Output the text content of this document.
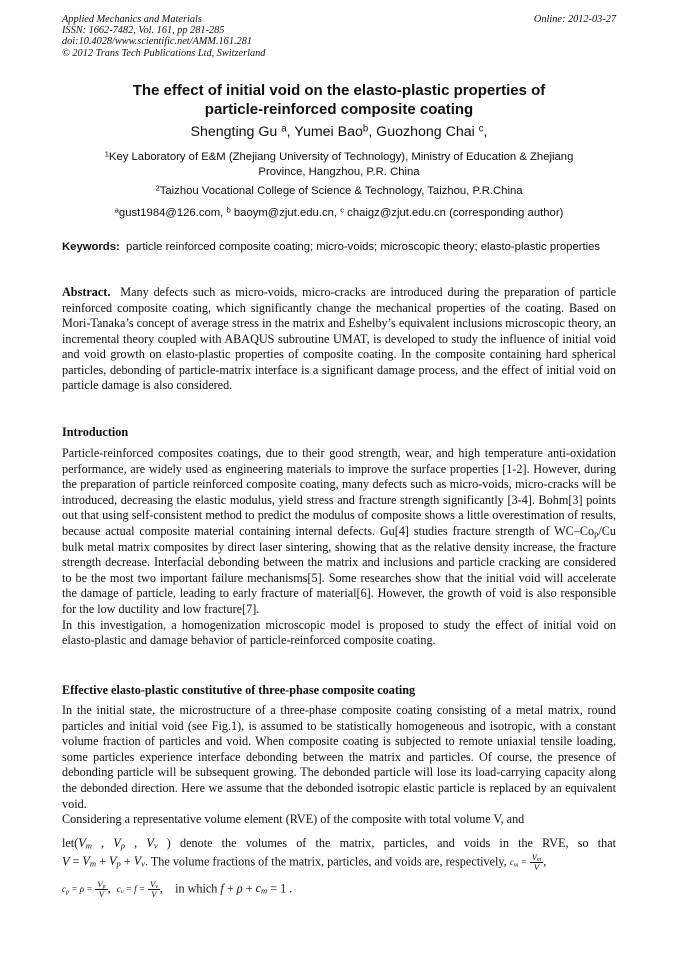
Applied Mechanics and Materials
ISSN: 1662-7482, Vol. 161, pp 281-285
doi:10.4028/www.scientific.net/AMM.161.281
© 2012 Trans Tech Publications Ltd, Switzerland
Online: 2012-03-27
The effect of initial void on the elasto-plastic properties of
particle-reinforced composite coating
Shengting Gu $^a$, Yumei Bao$^b$, Guozhong Chai $^c$,
$^1$Key Laboratory of E&M (Zhejiang University of Technology), Ministry of Education & Zhejiang
Province, Hangzhou, P.R. China
$^2$Taizhou Vocational College of Science & Technology, Taizhou, P.R.China
$^a$gust1984@126.com, $^b$ baoym@zjut.edu.cn, $^c$ chaigz@zjut.edu.cn (corresponding author)
Keywords: particle reinforced composite coating; micro-voids; microscopic theory; elasto-plastic properties
Abstract. Many defects such as micro-voids, micro-cracks are introduced during the preparation of particle reinforced composite coating, which significantly change the mechanical properties of the coating. Based on Mori-Tanaka’s concept of average stress in the matrix and Eshelby’s equivalent inclusions microscopic theory, an incremental theory coupled with ABAQUS subroutine UMAT, is developed to study the influence of initial void and void growth on elasto-plastic properties of composite coating. In the composite containing hard spherical particles, debonding of particle-matrix interface is a significant damage process, and the effect of initial void on particle damage is also considered.
Introduction

Particle-reinforced composites coatings, due to their good strength, wear, and high temperature anti-oxidation performance, are widely used as engineering materials to improve the surface properties [1-2]. However, during the preparation of particle reinforced composite coating, many defects such as micro-voids, micro-cracks will be introduced, decreasing the elastic modulus, yield stress and fracture strength significantly [3-4]. Bohm[3] points out that using self-consistent method to predict the modulus of composite shows a little overestimation of results, because actual composite material containing internal defects. Gu[4] studies fracture strength of $WC-Co_p/Cu$ bulk metal matrix composites by direct laser sintering, showing that as the relative density increase, the fracture strength decrease. Interfacial debonding between the matrix and inclusions and particle cracking are considered to be the most two important failure mechanisms[5]. Some researches show that the initial void will accelerate the damage of particle, leading to early fracture of material[6]. However, the growth of void is also responsible for the low ductility and low fracture[7].

In this investigation, a homogenization microscopic model is proposed to study the effect of initial void on elasto-plastic and damage behavior of particle-reinforced composite coating.

Effective elasto-plastic constitutive of three-phase composite coating

In the initial state, the microstructure of a three-phase composite coating consisting of a metal matrix, round particles and initial void (see Fig.1), is assumed to be statistically homogeneous and isotropic, with a constant volume fraction of particles and void. When composite coating is subjected to remote uniaxial tensile loading, some particles experience interface debonding between the matrix and particles. Of course, the presence of debonding particle will be subsequent growing. The debonded particle will lose its load-carrying capacity along the debonded direction. Here we assume that the debonded isotropic elastic particle is replaced by an equivalent void.

Considering a representative volume element (RVE) of the composite with total volume V, and

$let(V_m$ , $V_p$ , $V_v$ ) denote the volumes of the matrix, particles, and voids in the RVE, so that
$V = V_m + V_p + V_v$. The volume fractions of the matrix, particles, and voids are, respectively, $c_m = \frac{V_m}{V}$ ,
$c_p = \rho = \frac{V_p}{V}$ ,  $c_v = f = \frac{V_v}{V}$ ,    in which $f + \rho + c_m = 1$ .
